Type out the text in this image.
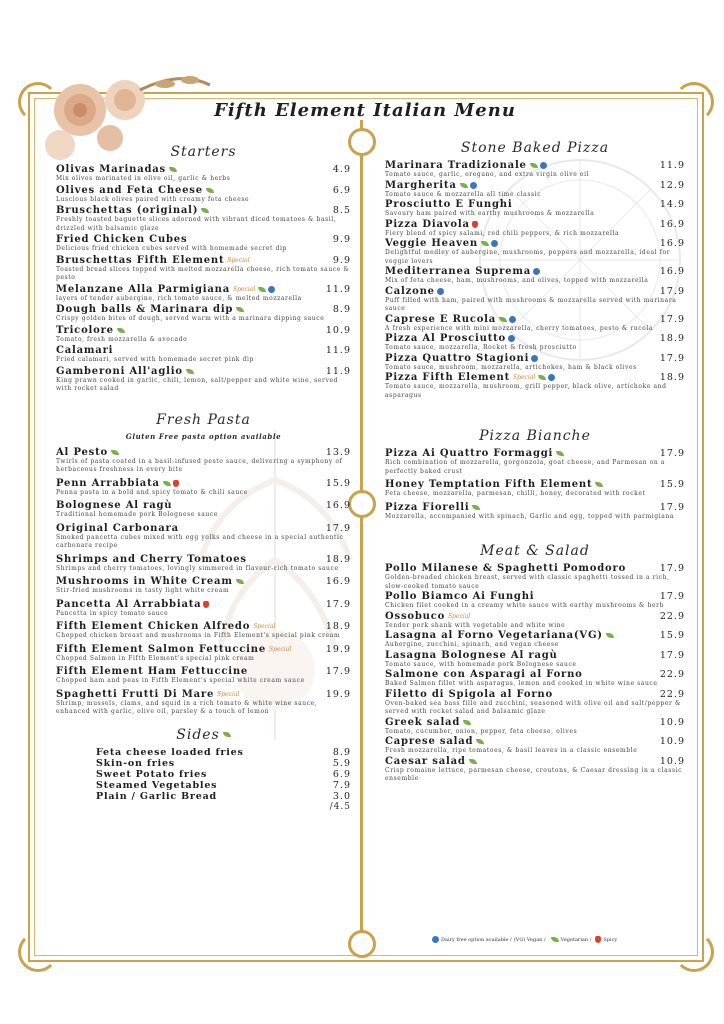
Fifth Element Italian Menu
Starters
Olivas Marinadas	4.9
Mix olives marinated in olive oil, garlic & herbs
Olives and Feta Cheese	6.9
Luscious black olives paired with creamy feta cheese
Bruschettas (original)	8.5
Freshly toasted baguette slices adorned with vibrant diced tomatoes & basil, drizzled with balsamic glaze
Fried Chicken Cubes	9.9
Delicious fried chicken cubes served with homemade secret dip
Bruschettas Fifth Element Special	9.9
Toasted bread slices topped with melted mozzarella cheese, rich tomato sauce & pesto
Melanzane Alla Parmigiana Special	11.9
layers of tender aubergine, rich tomato sauce, & melted mozzarella
Dough balls & Marinara dip	8.9
Crispy golden bites of dough, served warm with a marinara dipping sauce
Tricolore	10.9
Tomato, fresh mozzarella & avocado
Calamari	11.9
Fried calamari, served with homemade secret pink dip
Gamberoni All'aglio	11.9
King prawn cooked in garlic, chili, lemon, salt/pepper and white wine, served with rocket salad
Fresh Pasta
Gluten Free pasta option available
Al Pesto	13.9
Twirls of pasta coated in a basil-infused pesto sauce, delivering a symphony of herbaceous freshness in every bite
Penn Arrabbiata	15.9
Penna pasta in a bold and spicy tomato & chili sauce
Bolognese Al ragù	16.9
Traditional homemade pork Bolognese sauce
Original Carbonara	17.9
Smoked pancetta cubes mixed with egg yolks and cheese in a special authentic carbonara recipe
Shrimps and Cherry Tomatoes	18.9
Shrimps and cherry tomatoes, lovingly simmered in flavour-rich tomato sauce
Mushrooms in White Cream	16.9
Stir-fried mushrooms in tasty light white cream
Pancetta Al Arrabbiata	17.9
Pancetta in spicy tomato sauce
Fifth Element Chicken Alfredo Special	18.9
Chopped chicken breast and mushrooms in Fifth Element's special pink cream
Fifth Element Salmon Fettuccine Special	19.9
Chopped Salmon in Fifth Element's special pink cream
Fifth Element Ham Fettuccine	17.9
Chopped ham and peas in Fifth Element's special white cream sauce
Spaghetti Frutti Di Mare Special	19.9
Shrimp, mussels, clams, and squid in a rich tomato & white wine sauce, enhanced with garlic, olive oil, parsley & a touch of lemon
Sides
Feta cheese loaded fries	8.9
Skin-on fries	5.9
Sweet Potato fries	6.9
Steamed Vegetables	7.9
Plain / Garlic Bread	3.0
/4.5
Stone Baked Pizza
Marinara Tradizionale	11.9
Tomato sauce, garlic, oregano, and extra virgin olive oil
Margherita	12.9
Tomato sauce & mozzarella all time classic
Prosciutto E Funghi	14.9
Savoury ham paired with earthy mushrooms & mozzarella
Pizza Diavola	16.9
Fiery blend of spicy salami, red chili peppers, & rich mozzarella
Veggie Heaven	16.9
Delightful medley of aubergine, mushrooms, peppers and mozzarella, ideal for veggie lovers
Mediterranea Suprema	16.9
Mix of feta cheese, ham, mushrooms, and olives, topped with mozzarella
Calzone	17.9
Puff filled with ham, paired with mushrooms & mozzarella served with marinara sauce
Caprese E Rucola	17.9
A fresh experience with mini mozzarella, cherry tomatoes, pesto & rucola
Pizza Al Prosciutto	18.9
Tomato sauce, mozzarella, Rocket & fresh prosciutto
Pizza Quattro Stagioni	17.9
Tomato sauce, mushroom, mozzarella, artichokes, ham & black olives
Pizza Fifth Element Special	18.9
Tomato sauce, mozzarella, mushroom, grill pepper, black olive, artichoke and asparagus
Pizza Bianche
Pizza Ai Quattro Formaggi	17.9
Rich combination of mozzarella, gorgonzola, goat cheese, and Parmesan on a perfectly baked crust
Honey Temptation Fifth Element	15.9
Feta cheese, mozzarella, parmesan, chilli, honey, decorated with rocket
Pizza Fiorelli	17.9
Mozzarella, accompanied with spinach, Garlic and egg, topped with parmigiana
Meat & Salad
Pollo Milanese & Spaghetti Pomodoro	17.9
Golden-breaded chicken breast, served with classic spaghetti tossed in a rich, slow-cooked tomato sauce
Pollo Biamco Ai Funghi	17.9
Chicken filet cooked in a creamy white sauce with earthy mushrooms & herb
Ossobuco Special	22.9
Tender pork shank with vegetable and white wine
Lasagna al Forno Vegetariana(VG)	15.9
Aubergine, zucchini, spinach, and vegan cheese
Lasagna Bolognese Al ragù	17.9
Tomato sauce, with homemade pork Bolognese sauce
Salmone con Asparagi al Forno	22.9
Baked Salmon fillet with asparagus, lemon and cooked in white wine sauce
Filetto di Spigola al Forno	22.9
Oven-baked sea bass fille and zucchini, seasoned with olive oil and salt/pepper & served with rocket salad and balsamic glaze
Greek salad	10.9
Tomato, cucumber, onion, pepper, feta cheese, olives
Caprese salad	10.9
Fresh mozzarella, ripe tomatoes, & basil leaves in a classic ensemble
Caesar salad	10.9
Crisp romaine lettuce, parmesan cheese, croutons, & Caesar dressing in a classic ensemble
Dairy free option available / (VG) Vegan /	Vegetarian / Spicy
